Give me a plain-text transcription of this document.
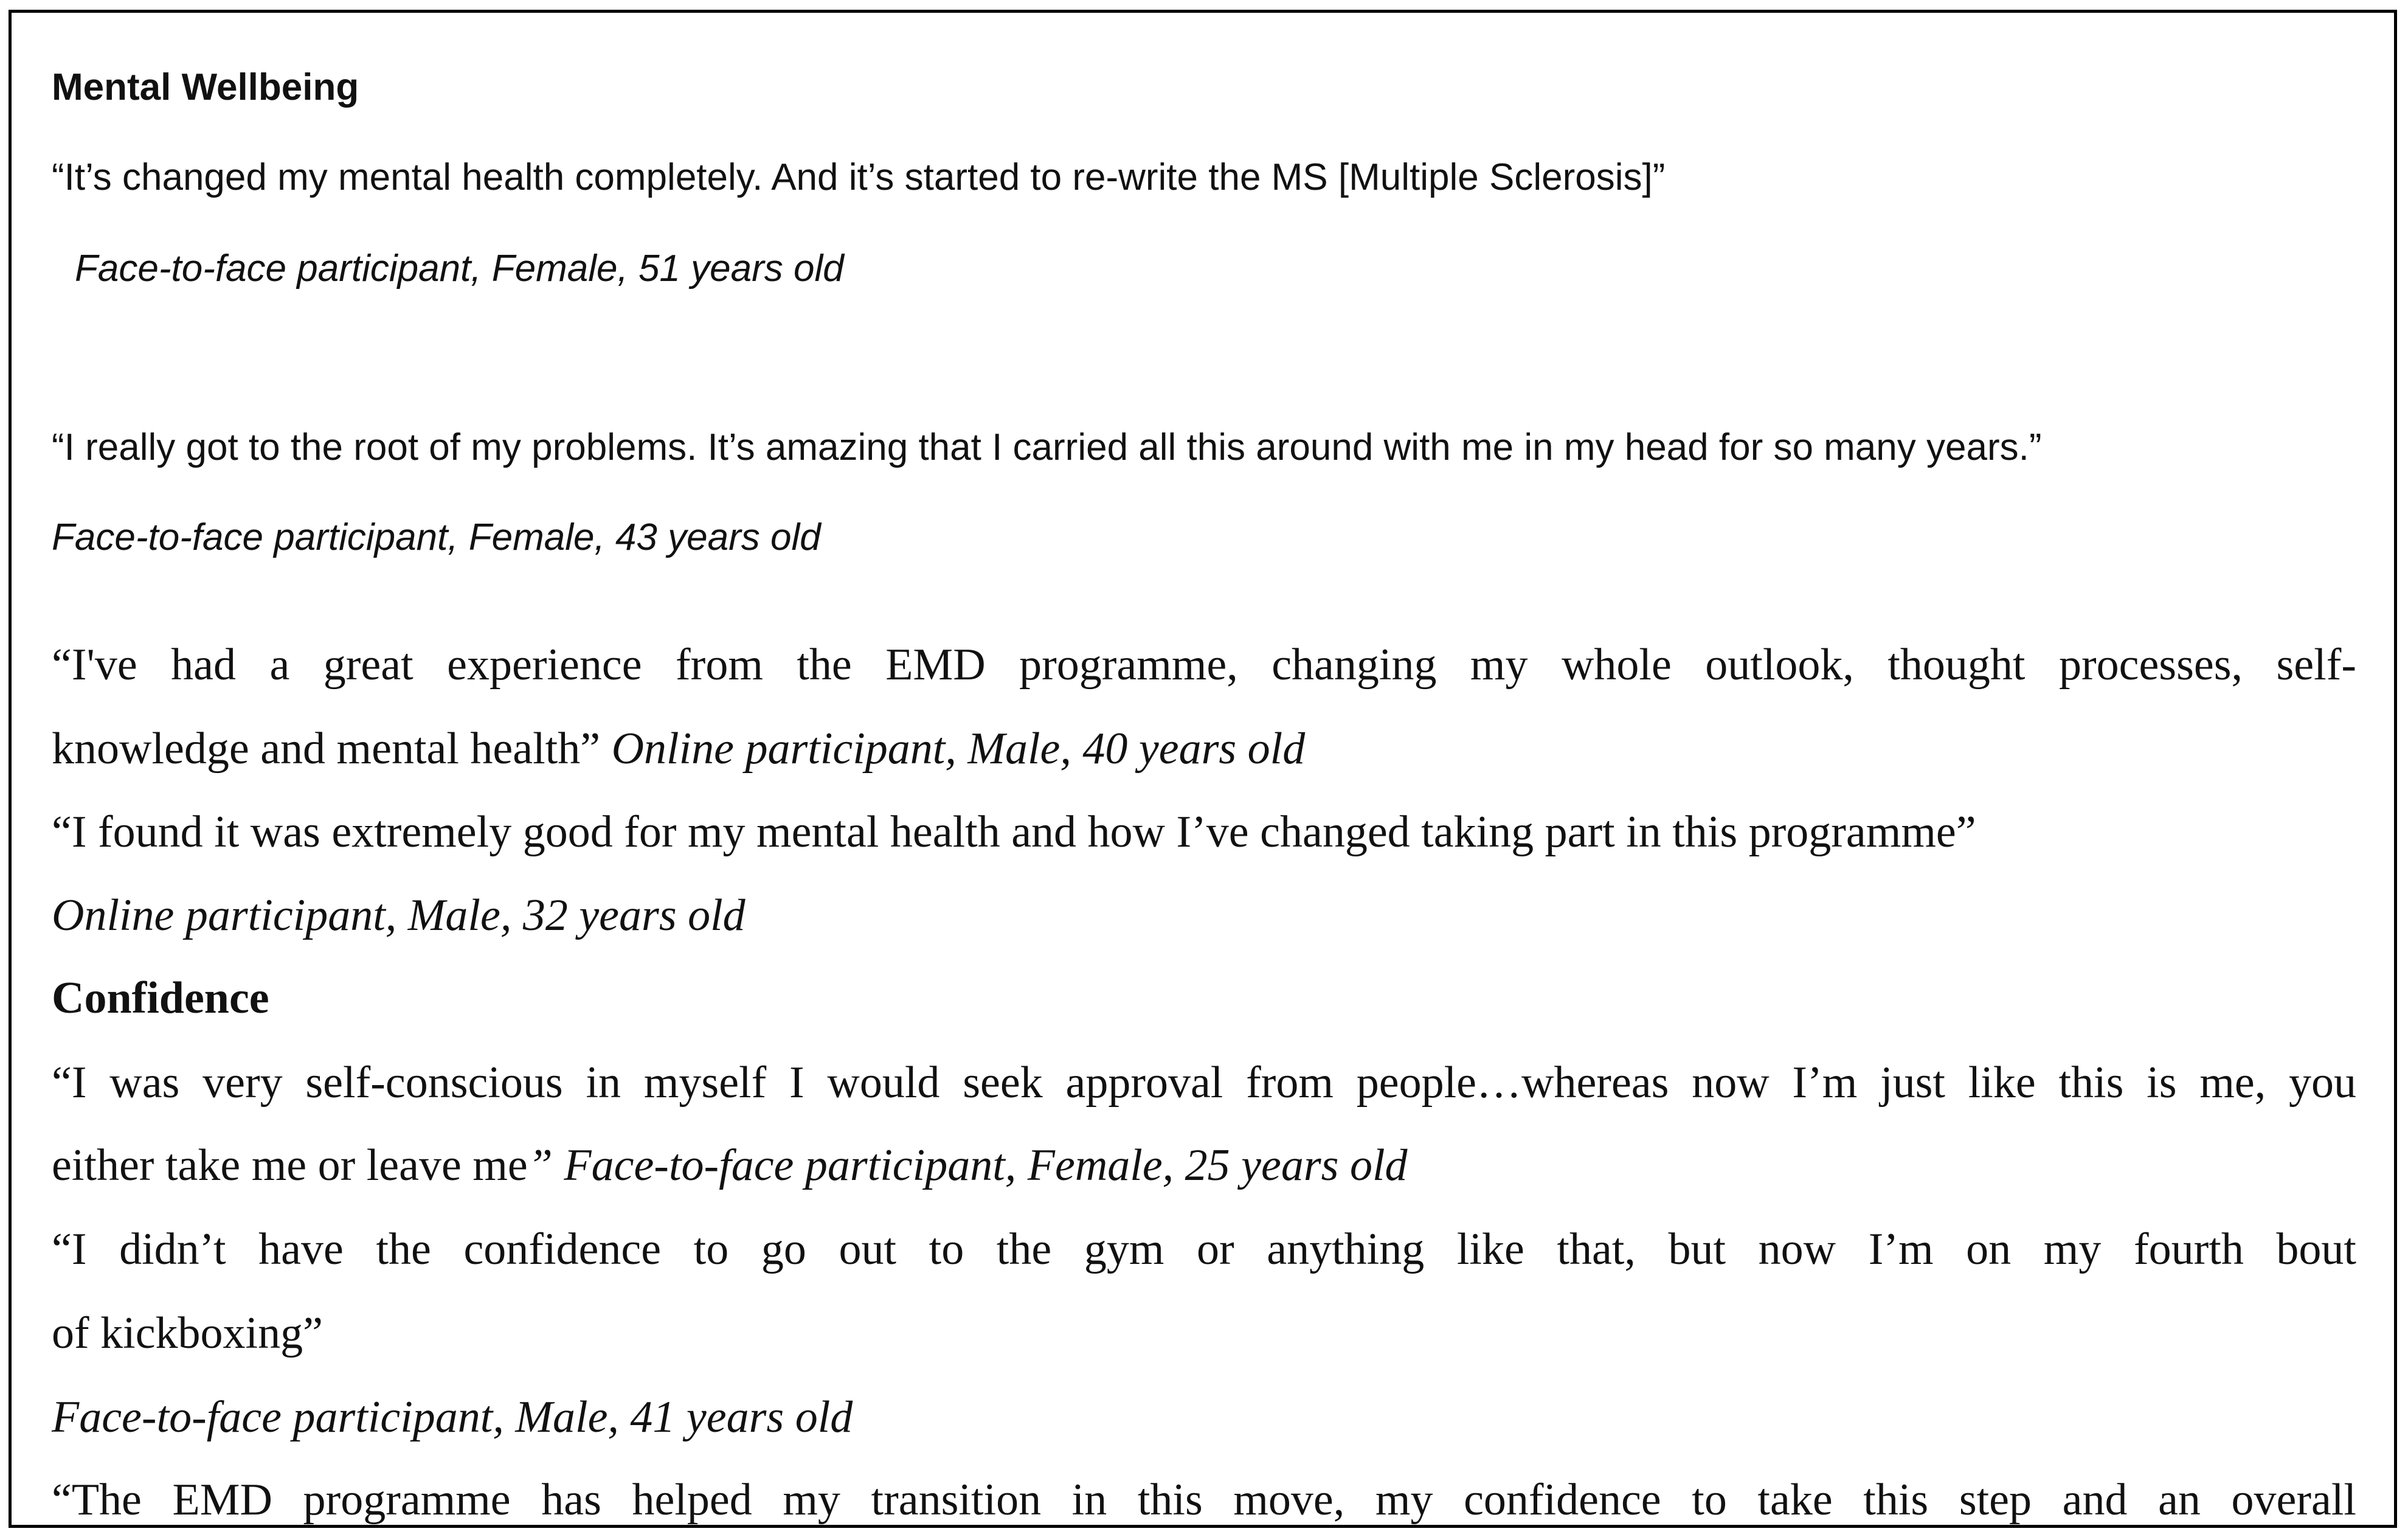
Mental Wellbeing
“It’s changed my mental health completely. And it’s started to re-write the MS [Multiple Sclerosis]”
Face-to-face participant, Female, 51 years old
“I really got to the root of my problems. It’s amazing that I carried all this around with me in my head for so many years.”
Face-to-face participant, Female, 43 years old
“I've had a great experience from the EMD programme, changing my whole outlook, thought processes, self-
knowledge and mental health” Online participant, Male, 40 years old
“I found it was extremely good for my mental health and how I’ve changed taking part in this programme”
Online participant, Male, 32 years old
Confidence
“I was very self-conscious in myself I would seek approval from people…whereas now I’m just like this is me, you
either take me or leave me” Face-to-face participant, Female, 25 years old
“I didn’t have the confidence to go out to the gym or anything like that, but now I’m on my fourth bout
of kickboxing”
Face-to-face participant, Male, 41 years old
“The EMD programme has helped my transition in this move, my confidence to take this step and an overall
